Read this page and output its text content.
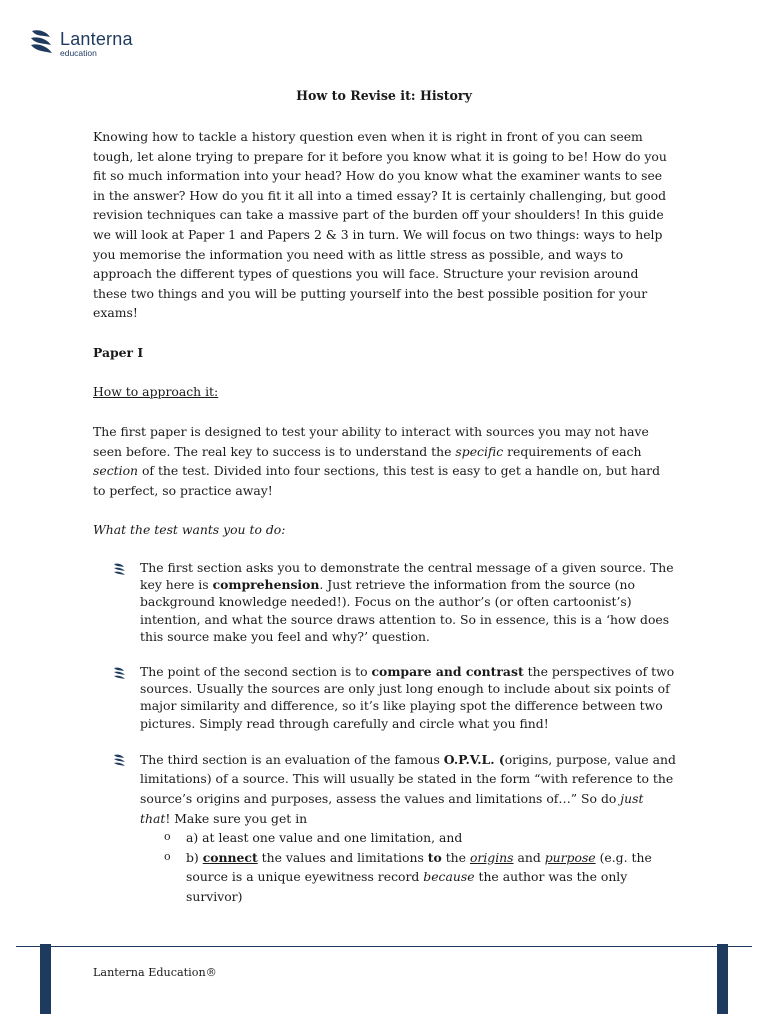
Lanterna
education
How to Revise it: History

Knowing how to tackle a history question even when it is right in front of you can seem tough, let alone trying to prepare for it before you know what it is going to be! How do you fit so much information into your head? How do you know what the examiner wants to see in the answer? How do you fit it all into a timed essay? It is certainly challenging, but good revision techniques can take a massive part of the burden off your shoulders! In this guide we will look at Paper 1 and Papers 2 & 3 in turn. We will focus on two things: ways to help you memorise the information you need with as little stress as possible, and ways to approach the different types of questions you will face. Structure your revision around these two things and you will be putting yourself into the best possible position for your exams!

Paper I

How to approach it:

The first paper is designed to test your ability to interact with sources you may not have seen before. The real key to success is to understand the specific requirements of each section of the test. Divided into four sections, this test is easy to get a handle on, but hard to perfect, so practice away!

What the test wants you to do:

The first section asks you to demonstrate the central message of a given source. The key here is comprehension. Just retrieve the information from the source (no background knowledge needed!). Focus on the author’s (or often cartoonist’s) intention, and what the source draws attention to. So in essence, this is a ‘how does this source make you feel and why?’ question.
The point of the second section is to compare and contrast the perspectives of two sources. Usually the sources are only just long enough to include about six points of major similarity and difference, so it’s like playing spot the difference between two pictures. Simply read through carefully and circle what you find!
The third section is an evaluation of the famous O.P.V.L. (origins, purpose, value and limitations) of a source. This will usually be stated in the form “with reference to the source’s origins and purposes, assess the values and limitations of…” So do just that! Make sure you get in
o a) at least one value and one limitation, and
o b) connect the values and limitations to the origins and purpose (e.g. the source is a unique eyewitness record because the author was the only survivor)
Lanterna Education®
